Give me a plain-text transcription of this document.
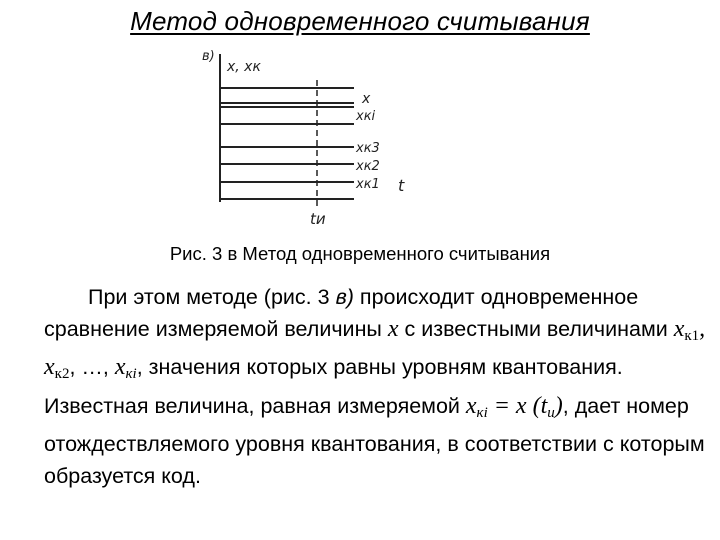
Метод одновременного считывания
в)
x, xк
x
xкi
xк3
xк2
xк1 t
tи
Рис. 3 в Метод одновременного считывания
При этом методе (рис. 3 в) происходит одновременное сравнение измеряемой величины x с известными величинами $x_{к1}$, $x_{к2}$, …, xкi, значения которых равны уровням квантования. Известная величина, равная измеряемой xкi = x (tи), дает номер отождествляемого уровня квантования, в соответствии с которым образуется код.
